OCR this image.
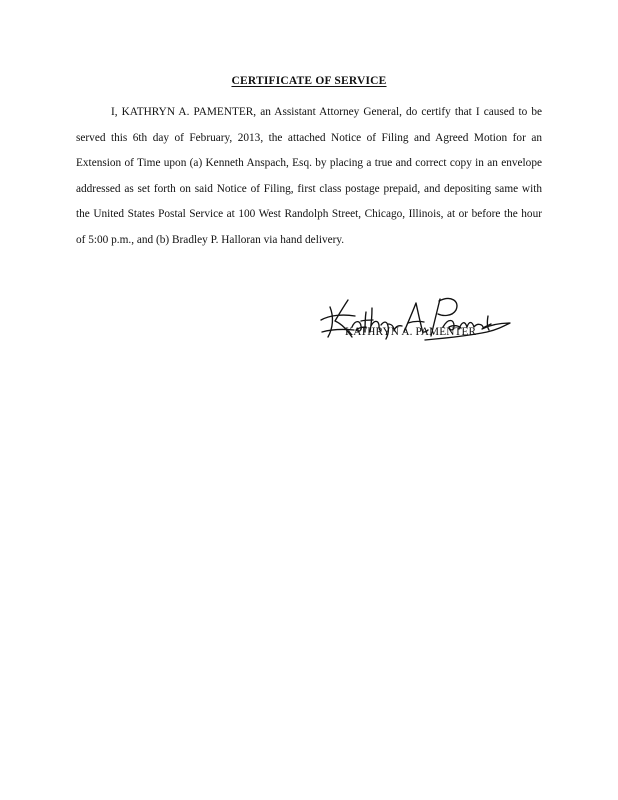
CERTIFICATE OF SERVICE

I, KATHRYN A. PAMENTER, an Assistant Attorney General, do certify that I caused to be served this 6th day of February, 2013, the attached Notice of Filing and Agreed Motion for an Extension of Time upon (a) Kenneth Anspach, Esq. by placing a true and correct copy in an envelope addressed as set forth on said Notice of Filing, first class postage prepaid, and depositing same with the United States Postal Service at 100 West Randolph Street, Chicago, Illinois, at or before the hour of 5:00 p.m., and (b) Bradley P. Halloran via hand delivery.

KATHRYN A. PAMENTER
